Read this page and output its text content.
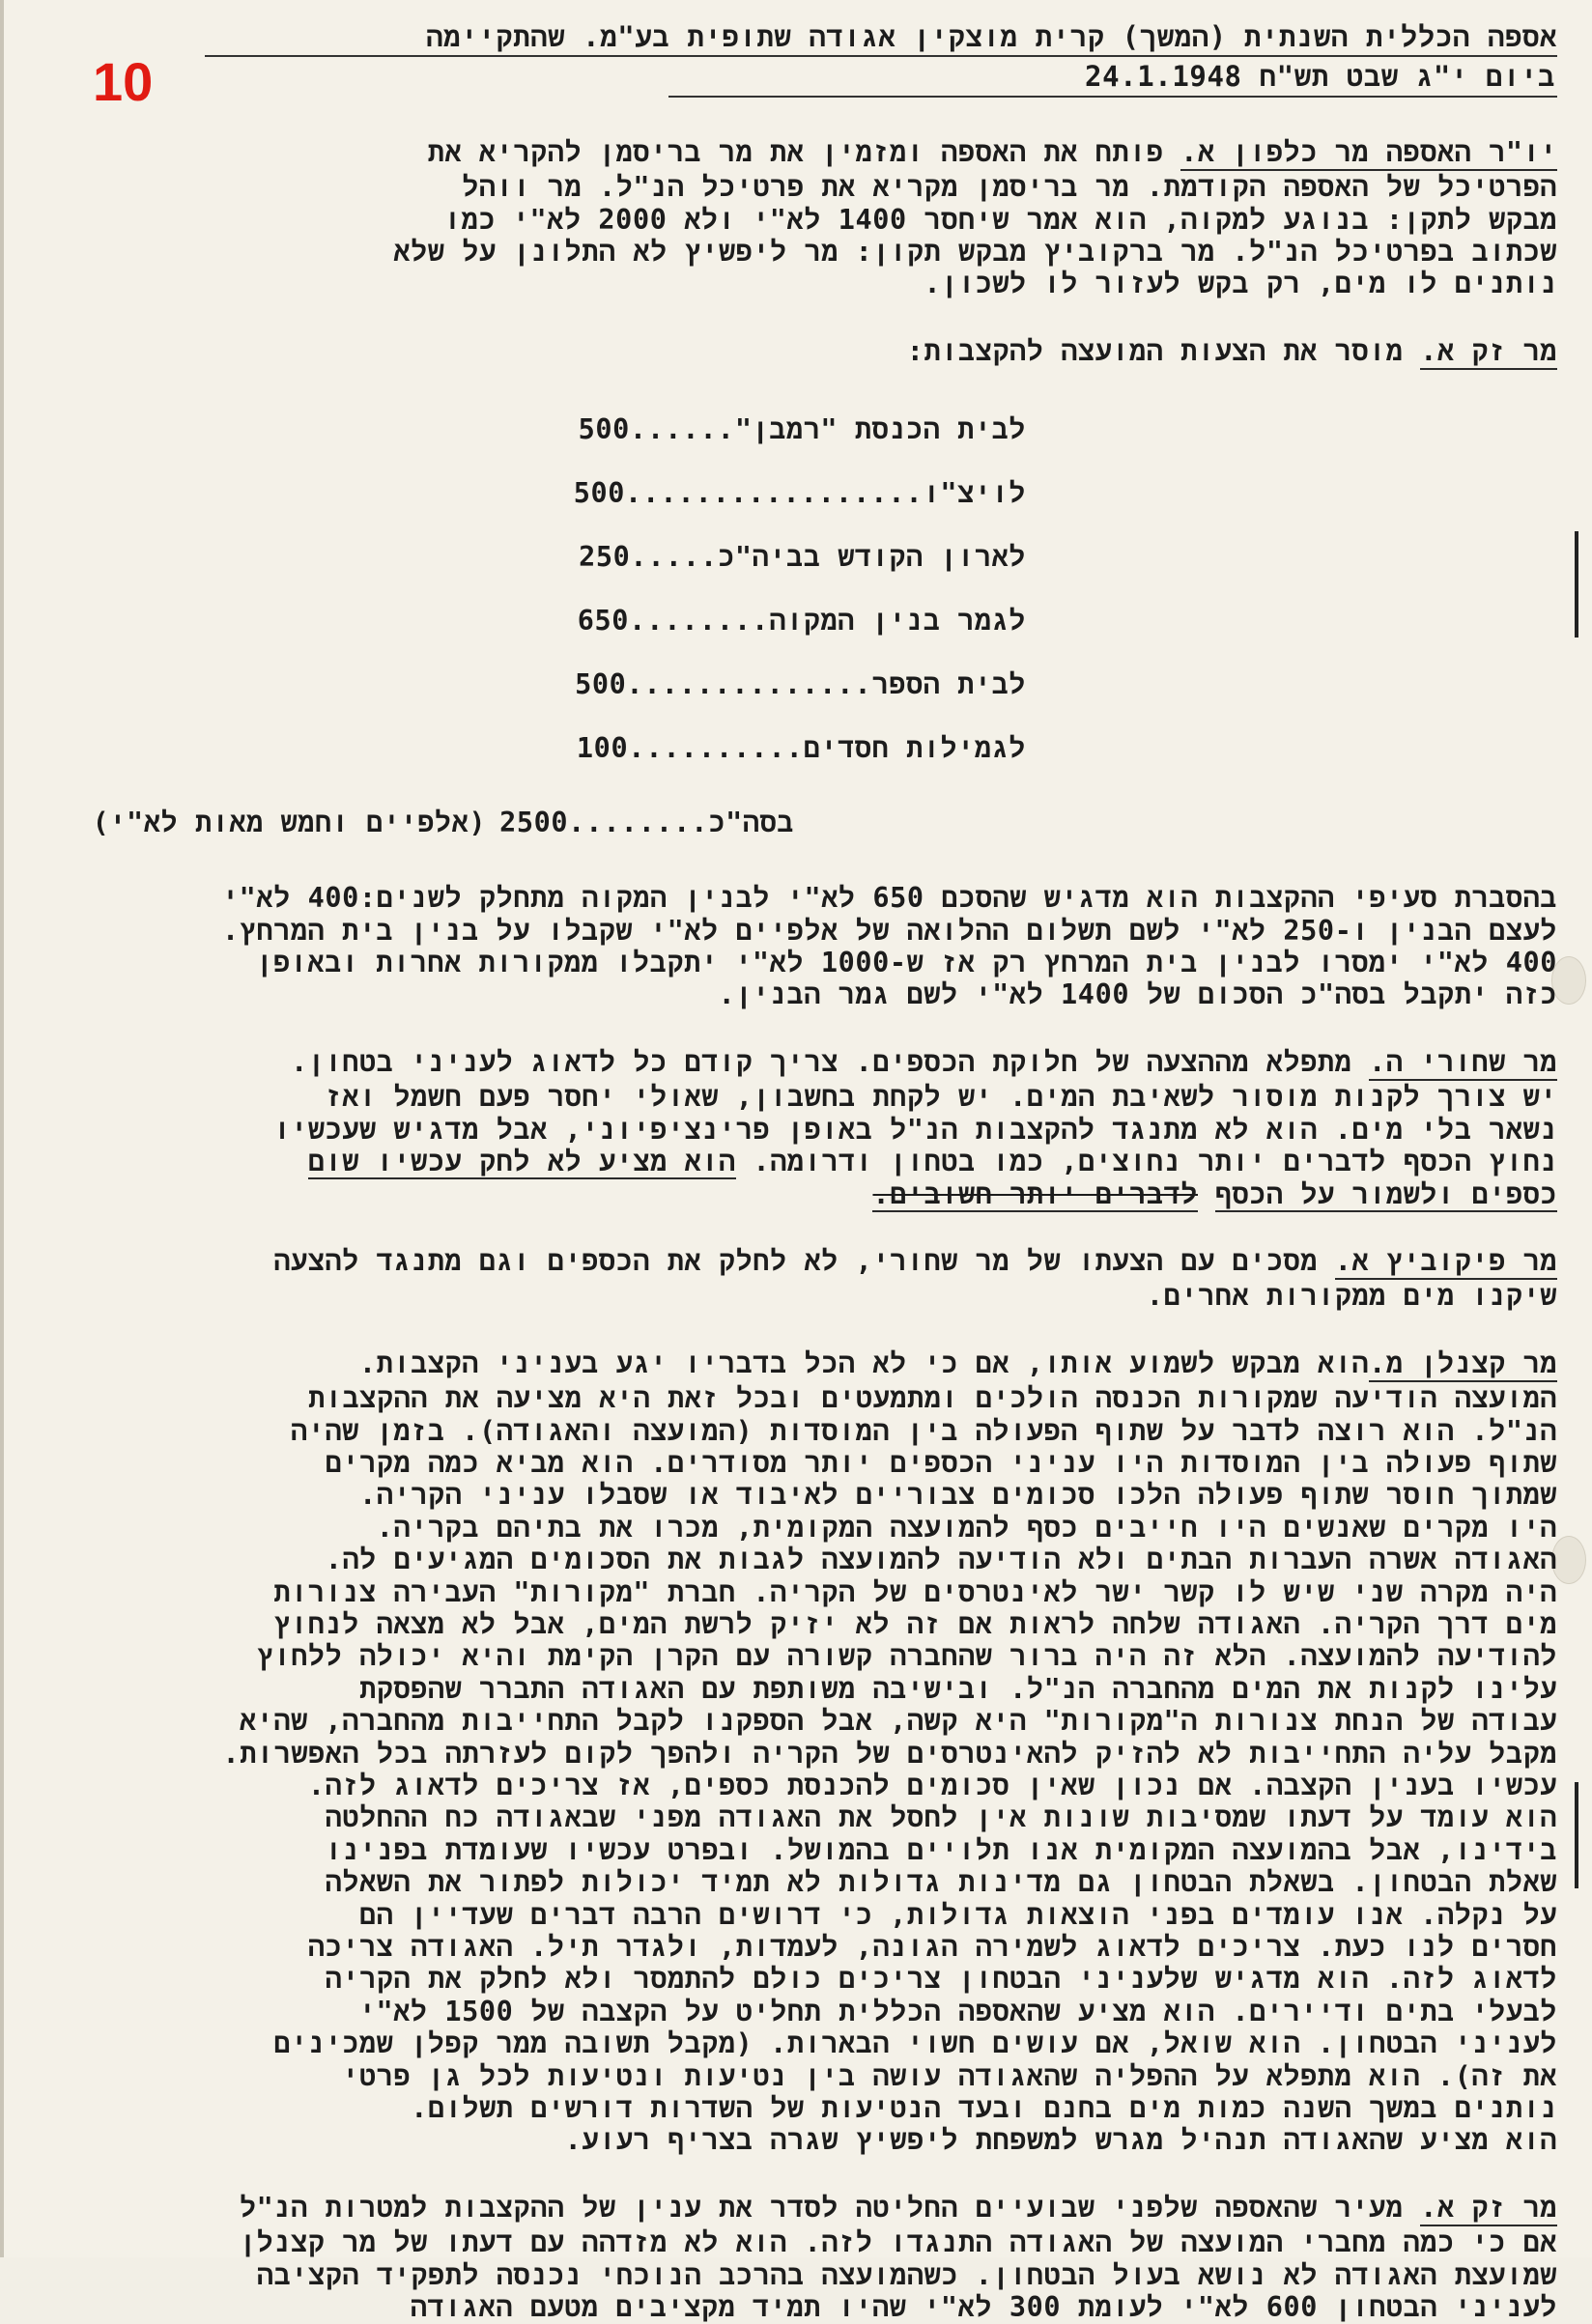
10

אספה הכללית השנתית (המשך) קרית מוצקין אגודה שתופית בע"מ. שהתקיימה

ביום י"ג שבט תש"ח 24.1.1948

יו"ר האספה מר כלפון א. פותח את האספה ומזמין את מר בריסמן להקריא את

הפרטיכל של האספה הקודמת. מר בריסמן מקריא את פרטיכל הנ"ל. מר ווהל

מבקש לתקן: בנוגע למקוה, הוא אמר שיחסר 1400 לא"י ולא 2000 לא"י כמו

שכתוב בפרטיכל הנ"ל. מר ברקוביץ מבקש תקון: מר ליפשיץ לא התלונן על שלא

נותנים לו מים, רק בקש לעזור לו לשכון.

מר זק א. מוסר את הצעות המועצה להקצבות:

לבית הכנסת "רמבן"
......
500
לויצ"ו
.................
500
לארון הקודש בביה"כ
.....
250
לגמר בנין המקוה
........
650
לבית הספר
..............
500
לגמילות חסדים
..........
100
בסה"כ
........
2500
(אלפיים וחמש מאות לא"י)

בהסברת סעיפי ההקצבות הוא מדגיש שהסכם 650 לא"י לבנין המקוה מתחלק לשנים:400 לא"י

לעצם הבנין ו-250 לא"י לשם תשלום ההלואה של אלפיים לא"י שקבלו על בנין בית המרחץ.

400 לא"י ימסרו לבנין בית המרחץ רק אז ש-1000 לא"י יתקבלו ממקורות אחרות ובאופן

כזה יתקבל בסה"כ הסכום של 1400 לא"י לשם גמר הבנין.

מר שחורי ה. מתפלא מההצעה של חלוקת הכספים. צריך קודם כל לדאוג לעניני בטחון.

יש צורך לקנות מוסור לשאיבת המים. יש לקחת בחשבון, שאולי יחסר פעם חשמל ואז

נשאר בלי מים. הוא לא מתנגד להקצבות הנ"ל באופן פרינציפיוני, אבל מדגיש שעכשיו

נחוץ הכסף לדברים יותר נחוצים, כמו בטחון ודרומה. הוא מציע לא לחק עכשיו שום

כספים ולשמור על הכסף לדברים יותר חשובים.

מר פיקוביץ א. מסכים עם הצעתו של מר שחורי, לא לחלק את הכספים וגם מתנגד להצעה

שיקנו מים ממקורות אחרים.

מר קצנלן מ.הוא מבקש לשמוע אותו, אם כי לא הכל בדבריו יגע בעניני הקצבות.

המועצה הודיעה שמקורות הכנסה הולכים ומתמעטים ובכל זאת היא מציעה את ההקצבות

הנ"ל. הוא רוצה לדבר על שתוף הפעולה בין המוסדות (המועצה והאגודה). בזמן שהיה

שתוף פעולה בין המוסדות היו עניני הכספים יותר מסודרים. הוא מביא כמה מקרים

שמתוך חוסר שתוף פעולה הלכו סכומים צבוריים לאיבוד או שסבלו עניני הקריה.

היו מקרים שאנשים היו חייבים כסף להמועצה המקומית, מכרו את בתיהם בקריה.

האגודה אשרה העברות הבתים ולא הודיעה להמועצה לגבות את הסכומים המגיעים לה.

היה מקרה שני שיש לו קשר ישר לאינטרסים של הקריה. חברת "מקורות" העבירה צנורות

מים דרך הקריה. האגודה שלחה לראות אם זה לא יזיק לרשת המים, אבל לא מצאה לנחוץ

להודיעה להמועצה. הלא זה היה ברור שהחברה קשורה עם הקרן הקימת והיא יכולה ללחוץ

עלינו לקנות את המים מהחברה הנ"ל. ובישיבה משותפת עם האגודה התברר שהפסקת

עבודה של הנחת צנורות ה"מקורות" היא קשה, אבל הספקנו לקבל התחייבות מהחברה, שהיא

מקבל עליה התחייבות לא להזיק להאינטרסים של הקריה ולהפך לקום לעזרתה בכל האפשרות.

עכשיו בענין הקצבה. אם נכון שאין סכומים להכנסת כספים, אז צריכים לדאוג לזה.

הוא עומד על דעתו שמסיבות שונות אין לחסל את האגודה מפני שבאגודה כח ההחלטה

בידינו, אבל בהמועצה המקומית אנו תלויים בהמושל. ובפרט עכשיו שעומדת בפנינו

שאלת הבטחון. בשאלת הבטחון גם מדינות גדולות לא תמיד יכולות לפתור את השאלה

על נקלה. אנו עומדים בפני הוצאות גדולות, כי דרושים הרבה דברים שעדיין הם

חסרים לנו כעת. צריכים לדאוג לשמירה הגונה, לעמדות, ולגדר תיל. האגודה צריכה

לדאוג לזה. הוא מדגיש שלעניני הבטחון צריכים כולם להתמסר ולא לחלק את הקריה

לבעלי בתים ודיירים. הוא מציע שהאספה הכללית תחליט על הקצבה של 1500 לא"י

לעניני הבטחון. הוא שואל, אם עושים חשוי הבארות. (מקבל תשובה ממר קפלן שמכינים

את זה). הוא מתפלא על ההפליה שהאגודה עושה בין נטיעות ונטיעות לכל גן פרטי

נותנים במשך השנה כמות מים בחנם ובעד הנטיעות של השדרות דורשים תשלום.

הוא מציע שהאגודה תנהיל מגרש למשפחת ליפשיץ שגרה בצריף רעוע.

מר זק א. מעיר שהאספה שלפני שבועיים החליטה לסדר את ענין של ההקצבות למטרות הנ"ל

אם כי כמה מחברי המועצה של האגודה התנגדו לזה. הוא לא מזדהה עם דעתו של מר קצנלן

שמועצת האגודה לא נושא בעול הבטחון. כשהמועצה בהרכב הנוכחי נכנסה לתפקיד הקציבה

לעניני הבטחון 600 לא"י לעומת 300 לא"י שהיו תמיד מקציבים מטעם האגודה
